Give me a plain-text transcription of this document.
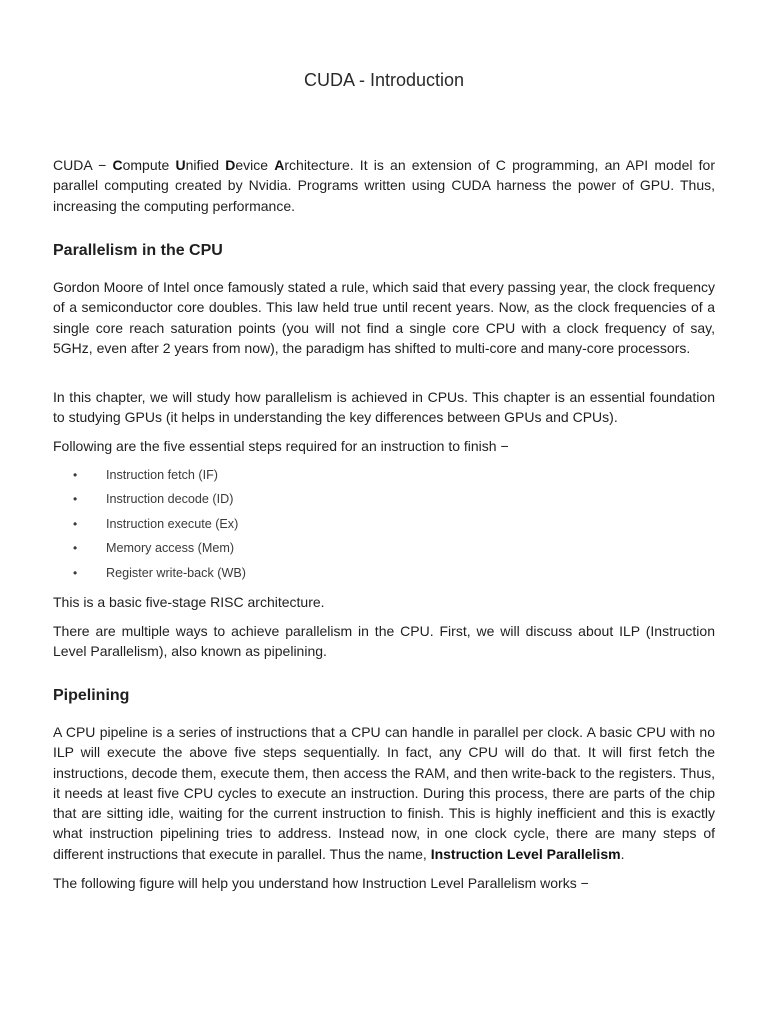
CUDA - Introduction

CUDA − Compute Unified Device Architecture. It is an extension of C programming, an API model for parallel computing created by Nvidia. Programs written using CUDA harness the power of GPU. Thus, increasing the computing performance.

Parallelism in the CPU

Gordon Moore of Intel once famously stated a rule, which said that every passing year, the clock frequency of a semiconductor core doubles. This law held true until recent years. Now, as the clock frequencies of a single core reach saturation points (you will not find a single core CPU with a clock frequency of say, 5GHz, even after 2 years from now), the paradigm has shifted to multi-core and many-core processors.

In this chapter, we will study how parallelism is achieved in CPUs. This chapter is an essential foundation to studying GPUs (it helps in understanding the key differences between GPUs and CPUs).

Following are the five essential steps required for an instruction to finish −

• Instruction fetch (IF)
• Instruction decode (ID)
• Instruction execute (Ex)
• Memory access (Mem)
• Register write-back (WB)

This is a basic five-stage RISC architecture.

There are multiple ways to achieve parallelism in the CPU. First, we will discuss about ILP (Instruction Level Parallelism), also known as pipelining.

Pipelining

A CPU pipeline is a series of instructions that a CPU can handle in parallel per clock. A basic CPU with no ILP will execute the above five steps sequentially. In fact, any CPU will do that. It will first fetch the instructions, decode them, execute them, then access the RAM, and then write-back to the registers. Thus, it needs at least five CPU cycles to execute an instruction. During this process, there are parts of the chip that are sitting idle, waiting for the current instruction to finish. This is highly inefficient and this is exactly what instruction pipelining tries to address. Instead now, in one clock cycle, there are many steps of different instructions that execute in parallel. Thus the name, Instruction Level Parallelism.

The following figure will help you understand how Instruction Level Parallelism works −
